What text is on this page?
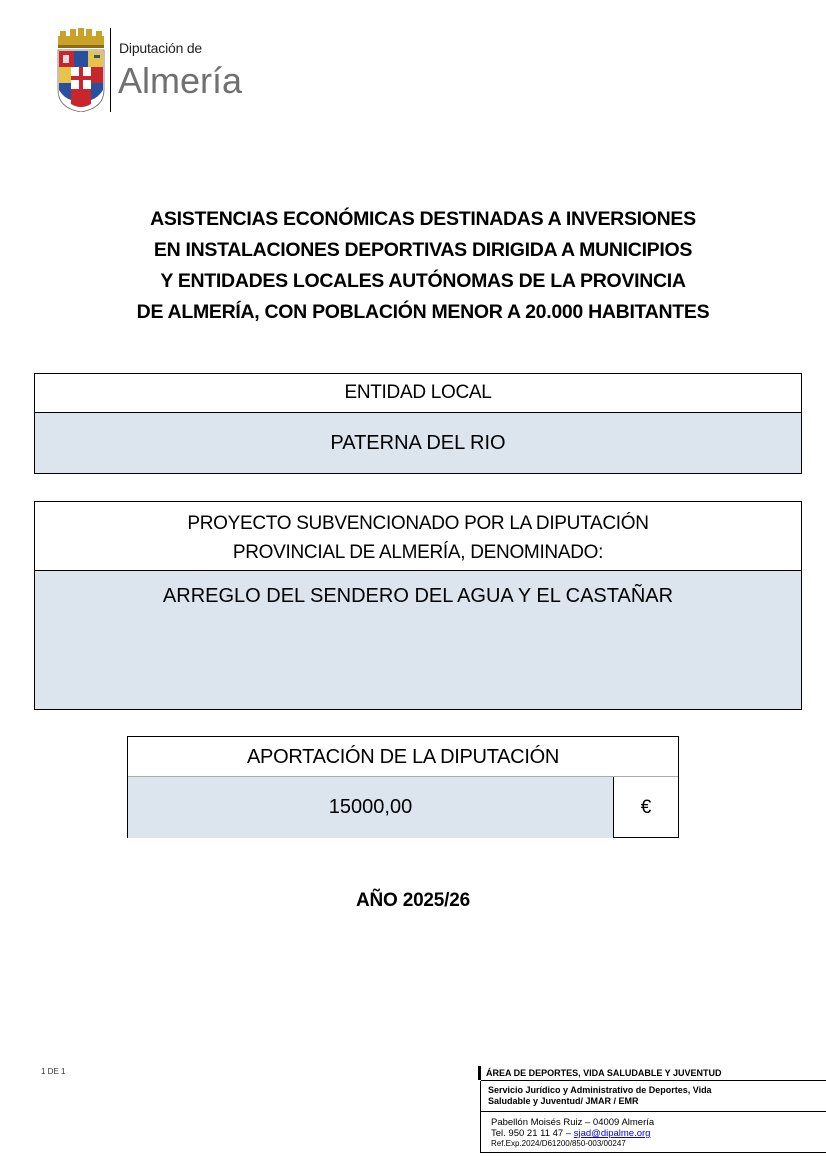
Diputación de
Almería
ASISTENCIAS ECONÓMICAS DESTINADAS A INVERSIONES
EN INSTALACIONES DEPORTIVAS DIRIGIDA A MUNICIPIOS
Y ENTIDADES LOCALES AUTÓNOMAS DE LA PROVINCIA
DE ALMERÍA, CON POBLACIÓN MENOR A 20.000 HABITANTES
ENTIDAD LOCAL
PATERNA DEL RIO
PROYECTO SUBVENCIONADO POR LA DIPUTACIÓN
PROVINCIAL DE ALMERÍA, DENOMINADO:
ARREGLO DEL SENDERO DEL AGUA Y EL CASTAÑAR
APORTACIÓN DE LA DIPUTACIÓN
15000,00	€
AÑO 2025/26
1 DE 1	ÁREA DE DEPORTES, VIDA SALUDABLE Y JUVENTUD
Servicio Jurídico y Administrativo de Deportes, Vida
Saludable y Juventud/ JMAR / EMR
Pabellón Moisés Ruiz – 04009 Almería
Tel. 950 21 11 47 – sjad@dipalme.org
Ref.Exp.2024/D61200/850-003/00247
